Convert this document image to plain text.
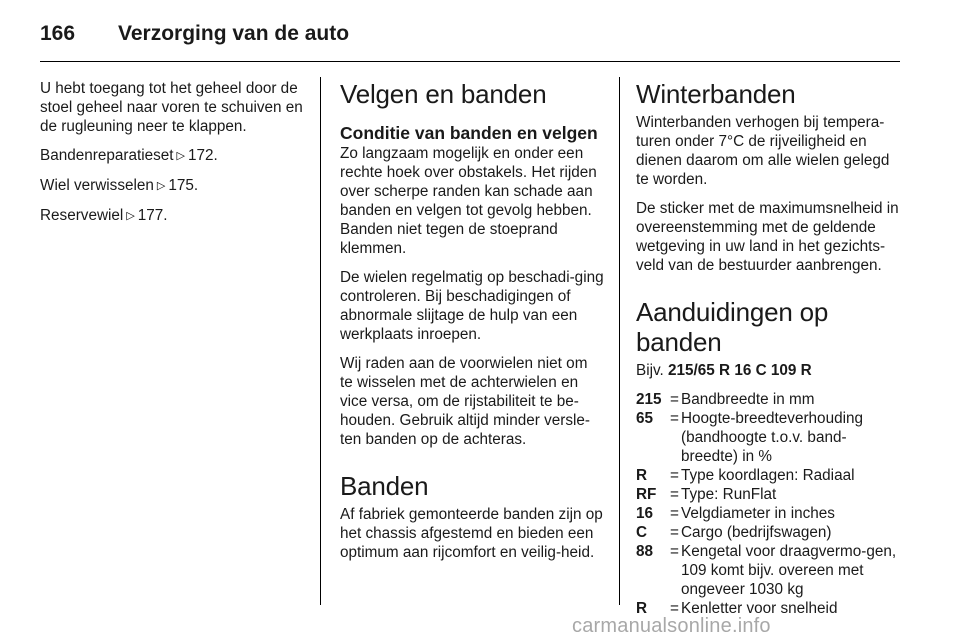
166	Verzorging van de auto

U hebt toegang tot het geheel door de stoel geheel naar voren te schuiven en de rugleuning neer te klappen.

Bandenreparatieset ▷ 172.

Wiel verwisselen ▷ 175.

Reservewiel ▷ 177.

Velgen en banden
Conditie van banden en velgen

Zo langzaam mogelijk en onder een rechte hoek over obstakels. Het rijden over scherpe randen kan schade aan banden en velgen tot gevolg hebben. Banden niet tegen de stoeprand klemmen.

De wielen regelmatig op beschadi-ging controleren. Bij beschadigingen of abnormale slijtage de hulp van een werkplaats inroepen.

Wij raden aan de voorwielen niet om te wisselen met de achterwielen en vice versa, om de rijstabiliteit te be-houden. Gebruik altijd minder versle-ten banden op de achteras.

Banden

Af fabriek gemonteerde banden zijn op het chassis afgestemd en bieden een optimum aan rijcomfort en veilig-heid.

Winterbanden

Winterbanden verhogen bij tempera-turen onder 7°C de rijveiligheid en dienen daarom om alle wielen gelegd te worden.

De sticker met de maximumsnelheid in overeenstemming met de geldende wetgeving in uw land in het gezichts-veld van de bestuurder aanbrengen.

Aanduidingen op banden

Bijv. 215/65 R 16 C 109 R

215 = Bandbreedte in mm
65	= Hoogte-breedteverhouding (bandhoogte t.o.v. band-breedte) in %
R	= Type koordlagen: Radiaal
RF = Type: RunFlat
16	= Velgdiameter in inches
C	= Cargo (bedrijfswagen)
88	= Kengetal voor draagvermo-gen, 109 komt bijv. overeen met ongeveer 1030 kg
R	= Kenletter voor snelheid
carmanualsonline.info
